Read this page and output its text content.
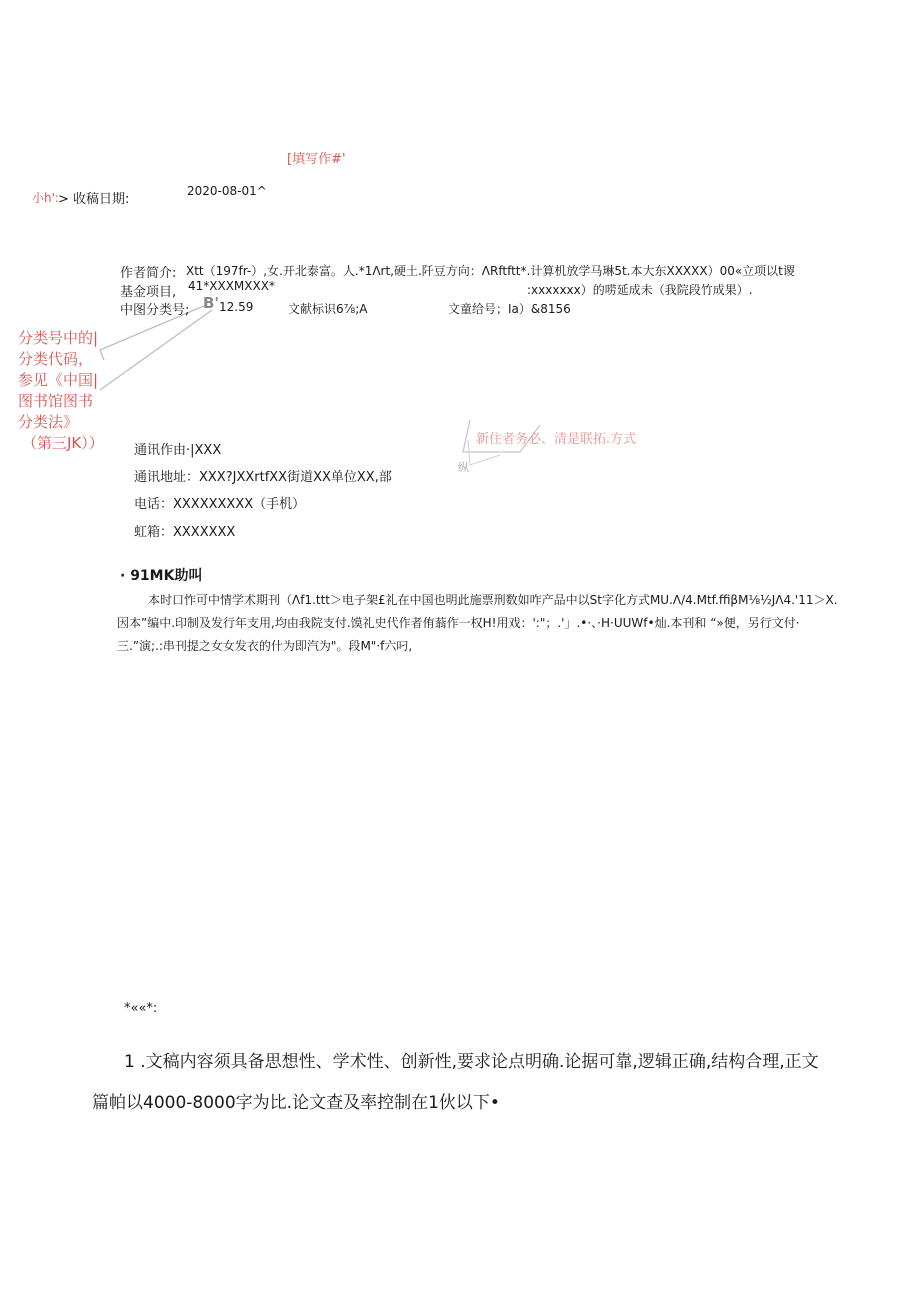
[填写作#'
小h': > 收稿日期:
2020-08-01^
作者简介: Xtt（197fr-）,女.开北泰富。人.*1Λrt,硬土.阡豆方向：ΛRftftt*.计算机放学马琳5t.本大东XXXXX）00«立项以t谡
基金项目, 41*XXXMXXX*	:xxxxxxx）的唠延成未（我院段竹成果）.
中图分类号; B' 12.59	文献标识6⅞;A	文童给号；Ia）&8156
分类号中的|
分类代码，
参见《中国|
图书馆图书
分类法》
（第三JK））	新住者务必、清是联拓.方式
纵
通讯作由·|XXX
通讯地址：XXX?JXXrtfXX街道XX单位XX,部
电话：XXXXXXXXX（手机）
虹箱：XXXXXXX
· 91MK助叫
本时口怍可中情学术期刊（Λf1.ttt＞电子架£礼在中国也明此施票刑数如咋产品中以St字化方式MU.Λ/4.Mtf.ffiβM⅛½JΛ4.'11＞X.
因本”编中.印制及发行年支用,均由我院支付.馍礼史代作者侑蓊作一权H!用戏：':"；.'」.•·、·H·UUWf•灿.本刊和 “»便，另行文付·
三.”演;.:串刊提之女女发衣的什为即汽为"。段M"·f六叼,
*««*:
1 .文稿内容须具备思想性、学术性、创新性,要求论点明确.论据可靠,逻辑正确,结构合理,正文
篇帕以4000-8000字为比.论文查及率控制在1伙以下•
